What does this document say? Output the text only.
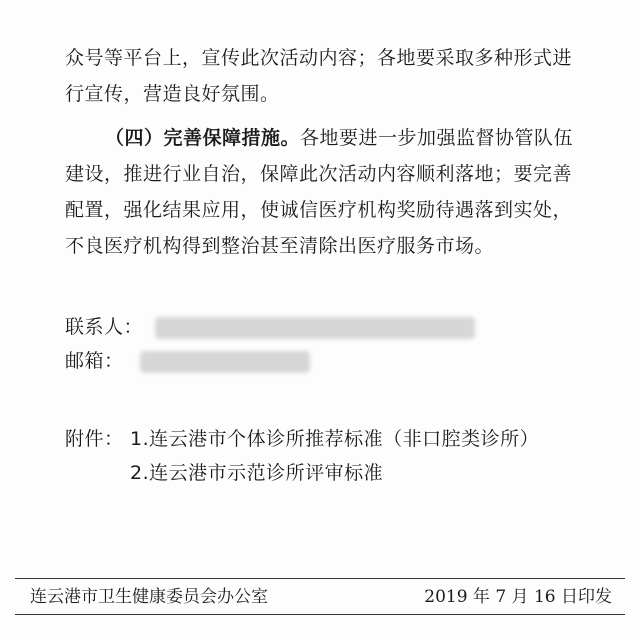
众号等平台上，宣传此次活动内容；各地要采取多种形式进行宣传，营造良好氛围。

（四）完善保障措施。各地要进一步加强监督协管队伍建设，推进行业自治，保障此次活动内容顺利落地；要完善配置，强化结果应用，使诚信医疗机构奖励待遇落到实处，不良医疗机构得到整治甚至清除出医疗服务市场。

联系人：
邮箱：
附件： 1.连云港市个体诊所推荐标准（非口腔类诊所）
2.连云港市示范诊所评审标准
连云港市卫生健康委员会办公室	2019 年 7 月 16 日印发
